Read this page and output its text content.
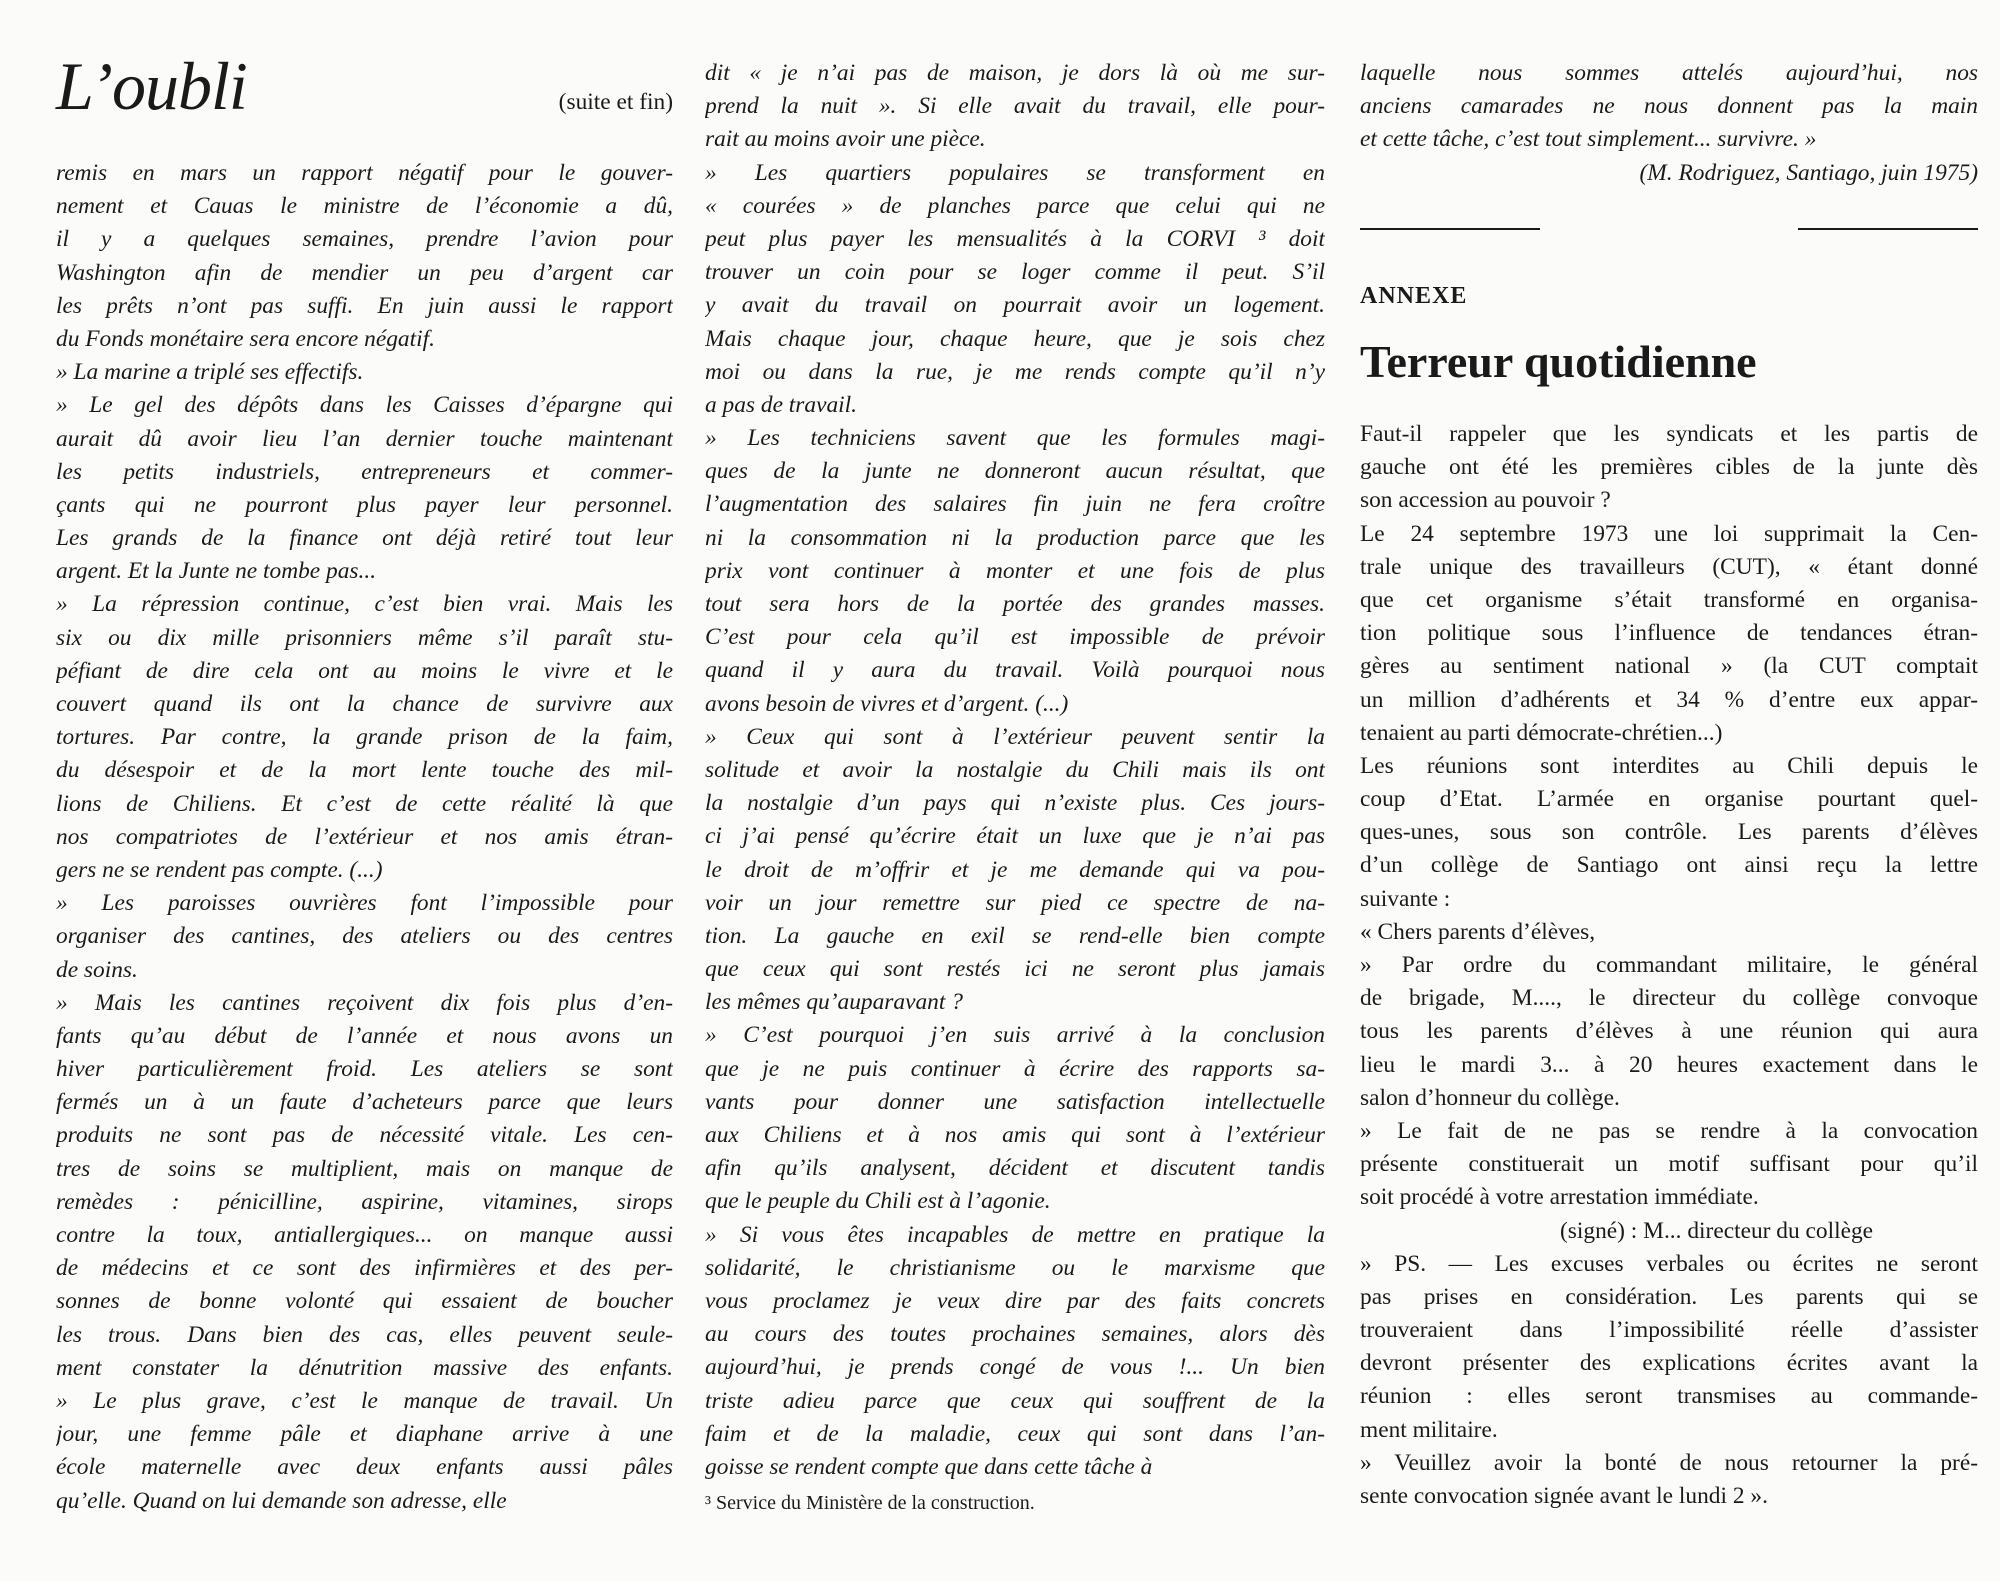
L’oubli	(suite et fin)
remis en mars un rapport négatif pour le gouver-
nement et Cauas le ministre de l’économie a dû,
il y a quelques semaines, prendre l’avion pour
Washington afin de mendier un peu d’argent car
les prêts n’ont pas suffi. En juin aussi le rapport
du Fonds monétaire sera encore négatif.
» La marine a triplé ses effectifs.
» Le gel des dépôts dans les Caisses d’épargne qui
aurait dû avoir lieu l’an dernier touche maintenant
les petits industriels, entrepreneurs et commer-
çants qui ne pourront plus payer leur personnel.
Les grands de la finance ont déjà retiré tout leur
argent. Et la Junte ne tombe pas...
» La répression continue, c’est bien vrai. Mais les
six ou dix mille prisonniers même s’il paraît stu-
péfiant de dire cela ont au moins le vivre et le
couvert quand ils ont la chance de survivre aux
tortures. Par contre, la grande prison de la faim,
du désespoir et de la mort lente touche des mil-
lions de Chiliens. Et c’est de cette réalité là que
nos compatriotes de l’extérieur et nos amis étran-
gers ne se rendent pas compte. (...)
» Les paroisses ouvrières font l’impossible pour
organiser des cantines, des ateliers ou des centres
de soins.
» Mais les cantines reçoivent dix fois plus d’en-
fants qu’au début de l’année et nous avons un
hiver particulièrement froid. Les ateliers se sont
fermés un à un faute d’acheteurs parce que leurs
produits ne sont pas de nécessité vitale. Les cen-
tres de soins se multiplient, mais on manque de
remèdes : pénicilline, aspirine, vitamines, sirops
contre la toux, antiallergiques... on manque aussi
de médecins et ce sont des infirmières et des per-
sonnes de bonne volonté qui essaient de boucher
les trous. Dans bien des cas, elles peuvent seule-
ment constater la dénutrition massive des enfants.
» Le plus grave, c’est le manque de travail. Un
jour, une femme pâle et diaphane arrive à une
école maternelle avec deux enfants aussi pâles
qu’elle. Quand on lui demande son adresse, elle
dit « je n’ai pas de maison, je dors là où me sur-
prend la nuit ». Si elle avait du travail, elle pour-
rait au moins avoir une pièce.
» Les quartiers populaires se transforment en
« courées » de planches parce que celui qui ne
peut plus payer les mensualités à la CORVI ³ doit
trouver un coin pour se loger comme il peut. S’il
y avait du travail on pourrait avoir un logement.
Mais chaque jour, chaque heure, que je sois chez
moi ou dans la rue, je me rends compte qu’il n’y
a pas de travail.
» Les techniciens savent que les formules magi-
ques de la junte ne donneront aucun résultat, que
l’augmentation des salaires fin juin ne fera croître
ni la consommation ni la production parce que les
prix vont continuer à monter et une fois de plus
tout sera hors de la portée des grandes masses.
C’est pour cela qu’il est impossible de prévoir
quand il y aura du travail. Voilà pourquoi nous
avons besoin de vivres et d’argent. (...)
» Ceux qui sont à l’extérieur peuvent sentir la
solitude et avoir la nostalgie du Chili mais ils ont
la nostalgie d’un pays qui n’existe plus. Ces jours-
ci j’ai pensé qu’écrire était un luxe que je n’ai pas
le droit de m’offrir et je me demande qui va pou-
voir un jour remettre sur pied ce spectre de na-
tion. La gauche en exil se rend-elle bien compte
que ceux qui sont restés ici ne seront plus jamais
les mêmes qu’auparavant ?
» C’est pourquoi j’en suis arrivé à la conclusion
que je ne puis continuer à écrire des rapports sa-
vants pour donner une satisfaction intellectuelle
aux Chiliens et à nos amis qui sont à l’extérieur
afin qu’ils analysent, décident et discutent tandis
que le peuple du Chili est à l’agonie.
» Si vous êtes incapables de mettre en pratique la
solidarité, le christianisme ou le marxisme que
vous proclamez je veux dire par des faits concrets
au cours des toutes prochaines semaines, alors dès
aujourd’hui, je prends congé de vous !... Un bien
triste adieu parce que ceux qui souffrent de la
faim et de la maladie, ceux qui sont dans l’an-
goisse se rendent compte que dans cette tâche à
³ Service du Ministère de la construction.
laquelle nous sommes attelés aujourd’hui, nos
anciens camarades ne nous donnent pas la main
et cette tâche, c’est tout simplement... survivre. »
(M. Rodriguez, Santiago, juin 1975)
ANNEXE
Terreur quotidienne
Faut-il rappeler que les syndicats et les partis de
gauche ont été les premières cibles de la junte dès
son accession au pouvoir ?
Le 24 septembre 1973 une loi supprimait la Cen-
trale unique des travailleurs (CUT), « étant donné
que cet organisme s’était transformé en organisa-
tion politique sous l’influence de tendances étran-
gères au sentiment national » (la CUT comptait
un million d’adhérents et 34 % d’entre eux appar-
tenaient au parti démocrate-chrétien...)
Les réunions sont interdites au Chili depuis le
coup d’Etat. L’armée en organise pourtant quel-
ques-unes, sous son contrôle. Les parents d’élèves
d’un collège de Santiago ont ainsi reçu la lettre
suivante :
« Chers parents d’élèves,
» Par ordre du commandant militaire, le général
de brigade, M...., le directeur du collège convoque
tous les parents d’élèves à une réunion qui aura
lieu le mardi 3... à 20 heures exactement dans le
salon d’honneur du collège.
» Le fait de ne pas se rendre à la convocation
présente constituerait un motif suffisant pour qu’il
soit procédé à votre arrestation immédiate.
(signé) : M... directeur du collège
» PS. — Les excuses verbales ou écrites ne seront
pas prises en considération. Les parents qui se
trouveraient dans l’impossibilité réelle d’assister
devront présenter des explications écrites avant la
réunion : elles seront transmises au commande-
ment militaire.
» Veuillez avoir la bonté de nous retourner la pré-
sente convocation signée avant le lundi 2 ».
